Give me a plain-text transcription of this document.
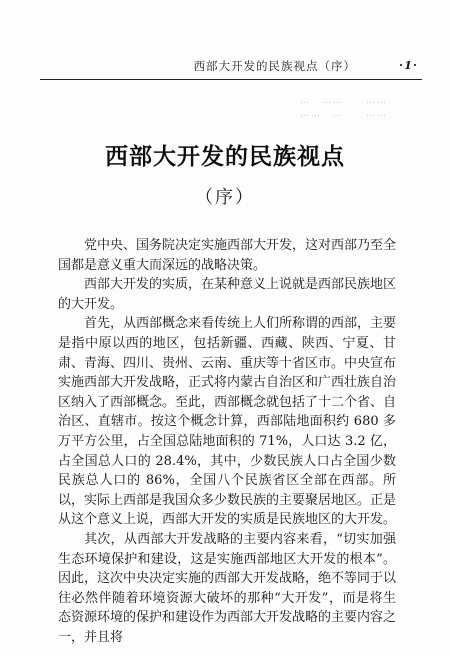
西部大开发的民族视点（序）	·1·
…　……　　……
……　…　　……
西部大开发的民族视点
（序）

党中央、国务院决定实施西部大开发，这对西部乃至全国都是意义重大而深远的战略决策。

西部大开发的实质，在某种意义上说就是西部民族地区的大开发。

首先，从西部概念来看传统上人们所称谓的西部，主要是指中原以西的地区，包括新疆、西藏、陕西、宁夏、甘肃、青海、四川、贵州、云南、重庆等十省区市。中央宣布实施西部大开发战略，正式将内蒙古自治区和广西壮族自治区纳入了西部概念。至此，西部概念就包括了十二个省、自治区、直辖市。按这个概念计算，西部陆地面积约 680 多万平方公里，占全国总陆地面积的 71%，人口达 3.2 亿，占全国总人口的 28.4%，其中，少数民族人口占全国少数民族总人口的 86%，全国八个民族省区全部在西部。所以，实际上西部是我国众多少数民族的主要聚居地区。正是从这个意义上说，西部大开发的实质是民族地区的大开发。

其次，从西部大开发战略的主要内容来看，“切实加强生态环境保护和建设，这是实施西部地区大开发的根本”。因此，这次中央决定实施的西部大开发战略，绝不等同于以往必然伴随着环境资源大破坏的那种“大开发”，而是将生态资源环境的保护和建设作为西部大开发战略的主要内容之一，并且将
